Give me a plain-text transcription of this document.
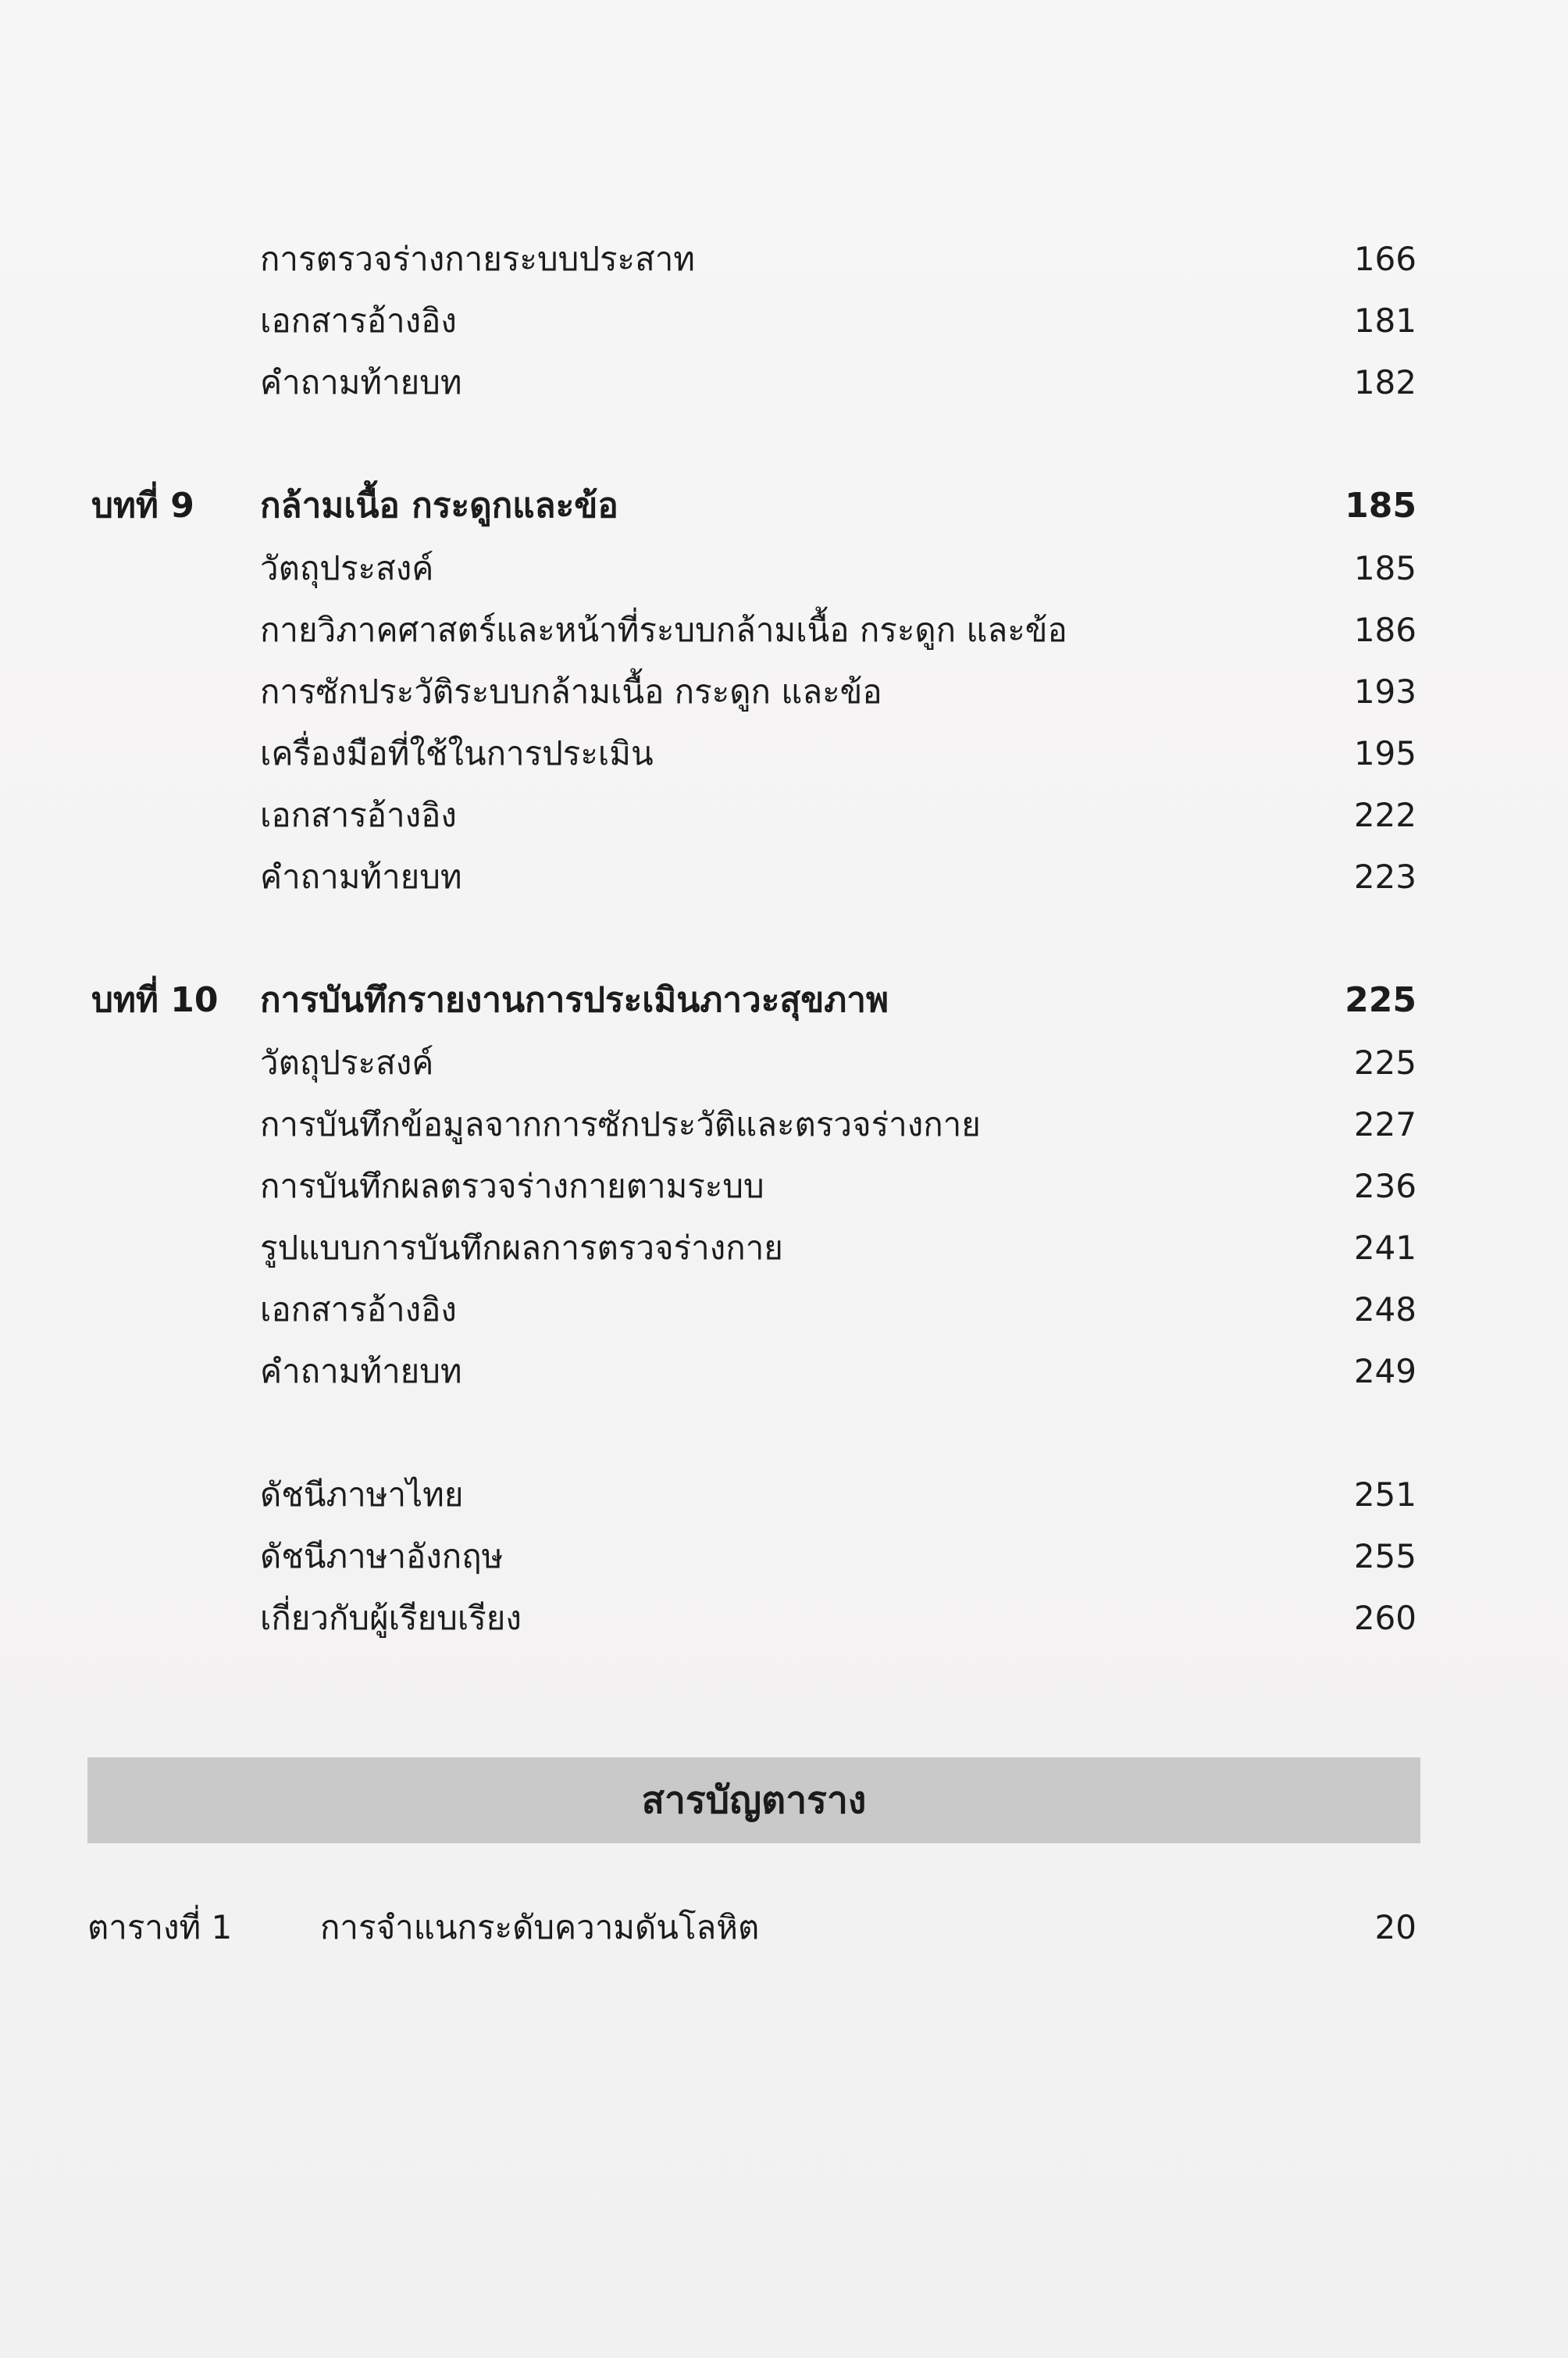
การตรวจร่างกายระบบประสาท	166
เอกสารอ้างอิง	181
คำถามท้ายบท	182
บทที่ 9 กล้ามเนื้อ กระดูกและข้อ	185
วัตถุประสงค์	185
กายวิภาคศาสตร์และหน้าที่ระบบกล้ามเนื้อ กระดูก และข้อ	186
การซักประวัติระบบกล้ามเนื้อ กระดูก และข้อ	193
เครื่องมือที่ใช้ในการประเมิน	195
เอกสารอ้างอิง	222
คำถามท้ายบท	223
บทที่ 10 การบันทึกรายงานการประเมินภาวะสุขภาพ	225
วัตถุประสงค์	225
การบันทึกข้อมูลจากการซักประวัติและตรวจร่างกาย	227
การบันทึกผลตรวจร่างกายตามระบบ	236
รูปแบบการบันทึกผลการตรวจร่างกาย	241
เอกสารอ้างอิง	248
คำถามท้ายบท	249
ดัชนีภาษาไทย	251
ดัชนีภาษาอังกฤษ	255
เกี่ยวกับผู้เรียบเรียง	260
สารบัญตาราง
ตารางที่ 1	การจำแนกระดับความดันโลหิต	20
